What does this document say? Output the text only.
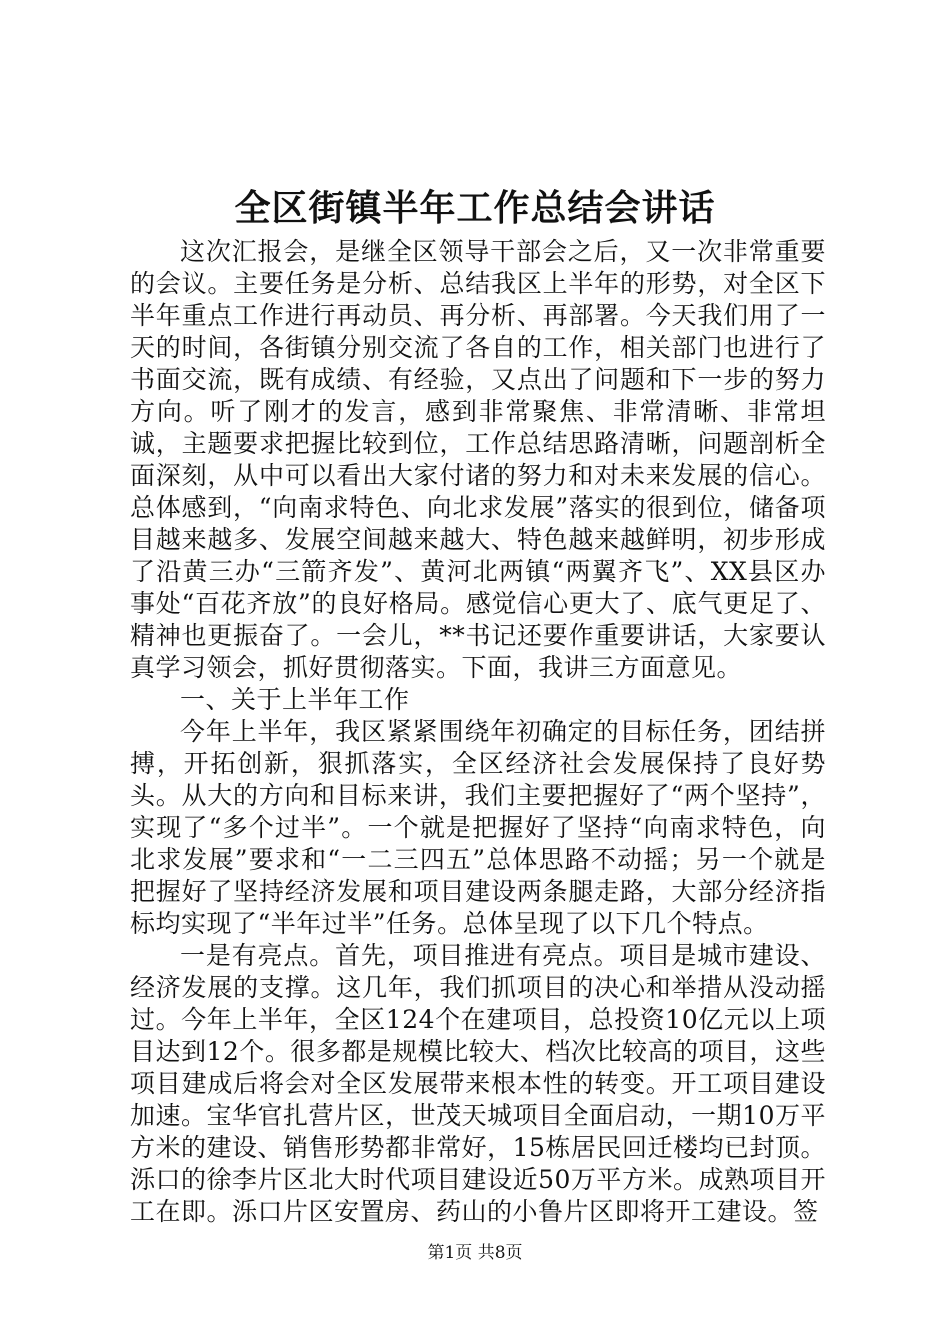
全区街镇半年工作总结会讲话

这次汇报会，是继全区领导干部会之后，又一次非常重要的会议。主要任务是分析、总结我区上半年的形势，对全区下半年重点工作进行再动员、再分析、再部署。今天我们用了一天的时间，各街镇分别交流了各自的工作，相关部门也进行了书面交流，既有成绩、有经验，又点出了问题和下一步的努力方向。听了刚才的发言，感到非常聚焦、非常清晰、非常坦诚，主题要求把握比较到位，工作总结思路清晰，问题剖析全面深刻，从中可以看出大家付诸的努力和对未来发展的信心。总体感到，“向南求特色、向北求发展”落实的很到位，储备项目越来越多、发展空间越来越大、特色越来越鲜明，初步形成了沿黄三办“三箭齐发”、黄河北两镇“两翼齐飞”、XX县区办事处“百花齐放”的良好格局。感觉信心更大了、底气更足了、精神也更振奋了。一会儿，**书记还要作重要讲话，大家要认真学习领会，抓好贯彻落实。下面，我讲三方面意见。

一、关于上半年工作

今年上半年，我区紧紧围绕年初确定的目标任务，团结拼搏，开拓创新，狠抓落实，全区经济社会发展保持了良好势头。从大的方向和目标来讲，我们主要把握好了“两个坚持”，实现了“多个过半”。一个就是把握好了坚持“向南求特色，向北求发展”要求和“一二三四五”总体思路不动摇；另一个就是把握好了坚持经济发展和项目建设两条腿走路，大部分经济指标均实现了“半年过半”任务。总体呈现了以下几个特点。

一是有亮点。首先，项目推进有亮点。项目是城市建设、经济发展的支撑。这几年，我们抓项目的决心和举措从没动摇过。今年上半年，全区124个在建项目，总投资10亿元以上项目达到12个。很多都是规模比较大、档次比较高的项目，这些项目建成后将会对全区发展带来根本性的转变。开工项目建设加速。宝华官扎营片区，世茂天城项目全面启动，一期10万平方米的建设、销售形势都非常好，15栋居民回迁楼均已封顶。泺口的徐李片区北大时代项目建设近50万平方米。成熟项目开工在即。泺口片区安置房、药山的小鲁片区即将开工建设。签

第1页 共8页
